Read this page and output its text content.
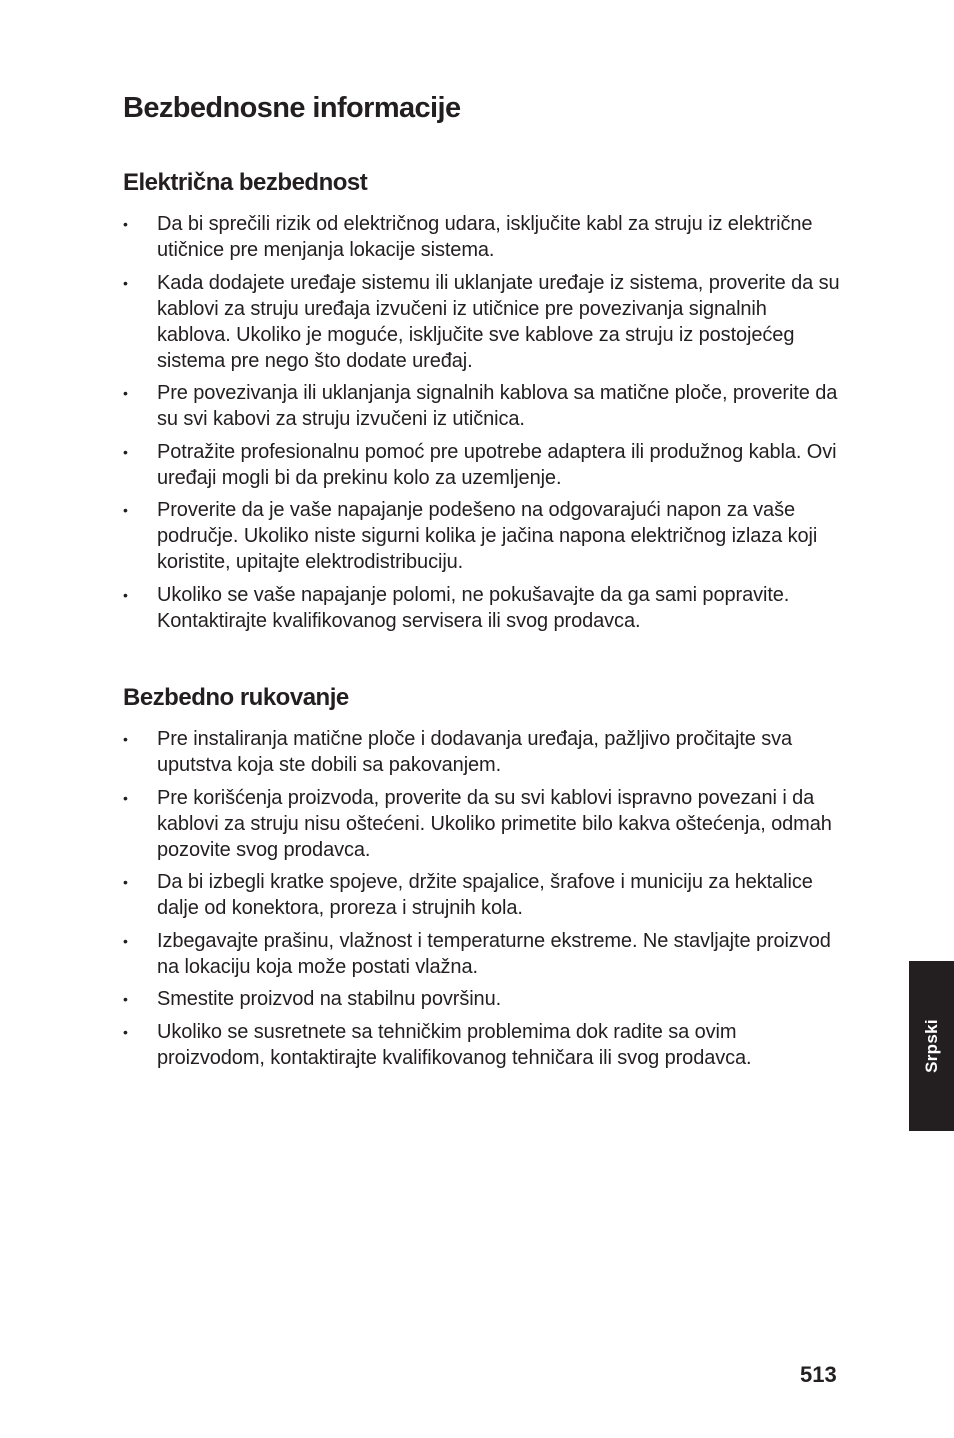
Bezbednosne informacije
Električna bezbednost
• Da bi sprečili rizik od električnog udara, isključite kabl za struju iz električne utičnice pre menjanja lokacije sistema.
• Kada dodajete uređaje sistemu ili uklanjate uređaje iz sistema, proverite da su kablovi za struju uređaja izvučeni iz utičnice pre povezivanja signalnih kablova. Ukoliko je moguće, isključite sve kablove za struju iz postojećeg sistema pre nego što dodate uređaj.
• Pre povezivanja ili uklanjanja signalnih kablova sa matične ploče, proverite da su svi kabovi za struju izvučeni iz utičnica.
• Potražite profesionalnu pomoć pre upotrebe adaptera ili produžnog kabla. Ovi uređaji mogli bi da prekinu kolo za uzemljenje.
• Proverite da je vaše napajanje podešeno na odgovarajući napon za vaše područje. Ukoliko niste sigurni kolika je jačina napona električnog izlaza koji koristite, upitajte elektrodistribuciju.
• Ukoliko se vaše napajanje polomi, ne pokušavajte da ga sami popravite. Kontaktirajte kvalifikovanog servisera ili svog prodavca.
Bezbedno rukovanje
• Pre instaliranja matične ploče i dodavanja uređaja, pažljivo pročitajte sva uputstva koja ste dobili sa pakovanjem.
• Pre korišćenja proizvoda, proverite da su svi kablovi ispravno povezani i da kablovi za struju nisu oštećeni. Ukoliko primetite bilo kakva oštećenja, odmah pozovite svog prodavca.
• Da bi izbegli kratke spojeve, držite spajalice, šrafove i municiju za hektalice dalje od konektora, proreza i strujnih kola.
• Izbegavajte prašinu, vlažnost i temperaturne ekstreme. Ne stavljajte proizvod na lokaciju koja može postati vlažna.
• Smestite proizvod na stabilnu površinu.
• Ukoliko se susretnete sa tehničkim problemima dok radite sa ovim proizvodom, kontaktirajte kvalifikovanog tehničara ili svog prodavca.	Srpski
513
